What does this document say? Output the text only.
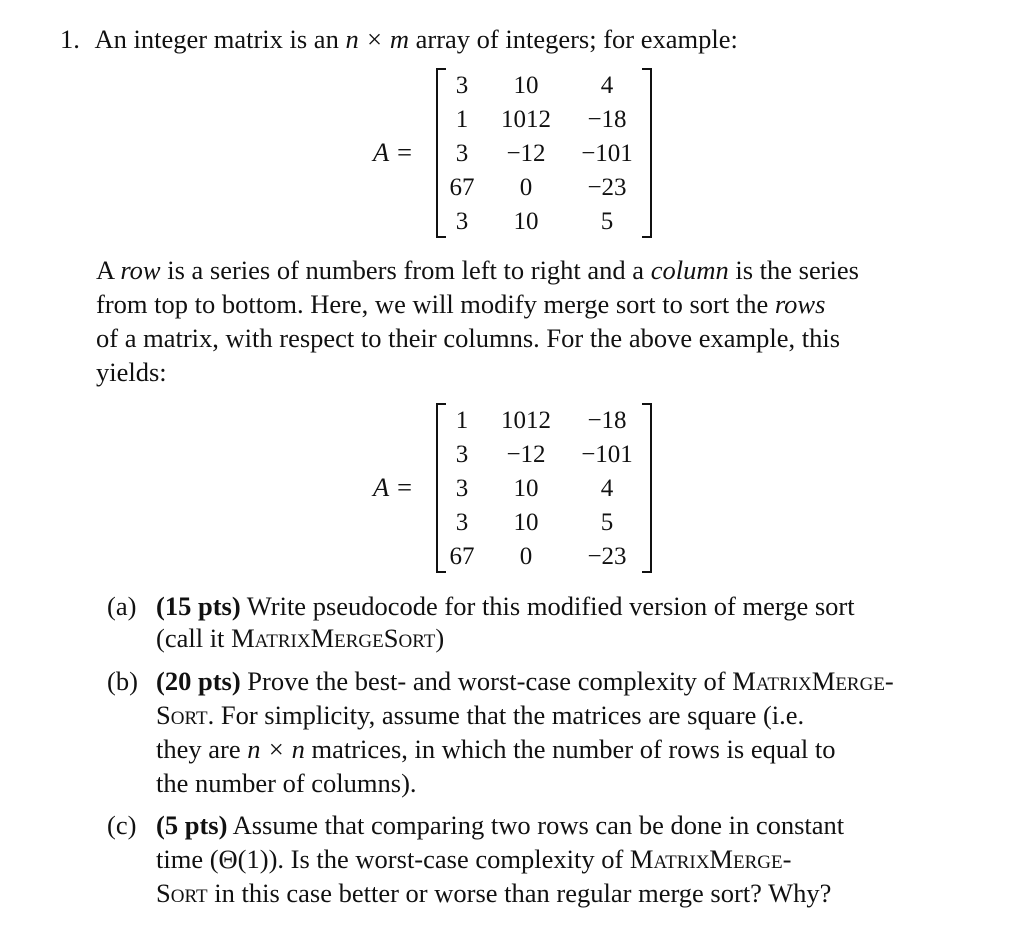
1. An integer matrix is an n × m array of integers; for example:
A =
3	10	4
1	1012	−18
3	−12	−101
67	0	−23
3	10	5
A row is a series of numbers from left to right and a column is the series
from top to bottom. Here, we will modify merge sort to sort the rows
of a matrix, with respect to their columns. For the above example, this
yields:
A =
1	1012	−18
3	−12	−101
3	10	4
3	10	5
67	0	−23
(a) (15 pts) Write pseudocode for this modified version of merge sort
(call it MatrixMergeSort)
(b) (20 pts) Prove the best- and worst-case complexity of MatrixMerge-
Sort. For simplicity, assume that the matrices are square (i.e.
they are n × n matrices, in which the number of rows is equal to
the number of columns).
(c) (5 pts) Assume that comparing two rows can be done in constant
time (Θ(1)). Is the worst-case complexity of MatrixMerge-
Sort in this case better or worse than regular merge sort? Why?
